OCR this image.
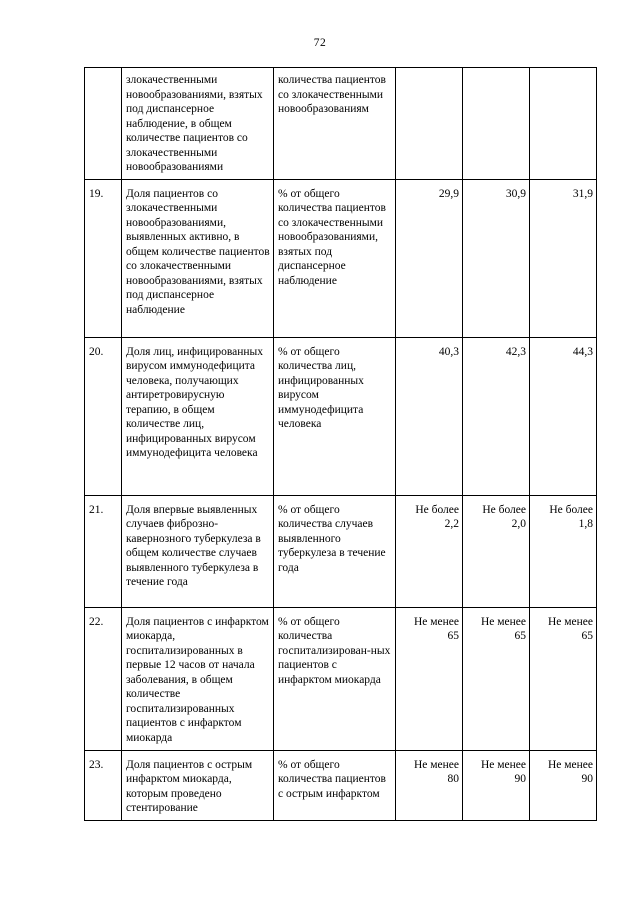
72
	злокачественными новообразованиями, взятых под диспансерное наблюдение, в общем количестве пациентов со злокачественными новообразованиями	количества пациентов со злокачественными новообразованиям			
19.	Доля пациентов со злокачественными новообразованиями, выявленных активно, в общем количестве пациентов со злокачественными новообразованиями, взятых под диспансерное наблюдение	% от общего количества пациентов со злокачественными новообразованиями, взятых под диспансерное наблюдение	29,9	30,9	31,9
20.	Доля лиц, инфицированных вирусом иммунодефицита человека, получающих антиретровирусную терапию, в общем количестве лиц, инфицированных вирусом иммунодефицита человека	% от общего количества лиц, инфицированных вирусом иммунодефицита человека	40,3	42,3	44,3
21.	Доля впервые выявленных случаев фиброзно-кавернозного туберкулеза в общем количестве случаев выявленного туберкулеза в течение года	% от общего количества случаев выявленного туберкулеза в течение года	Не более 2,2	Не более 2,0	Не более 1,8
22.	Доля пациентов с инфарктом миокарда, госпитализированных в первые 12 часов от начала заболевания, в общем количестве госпитализированных пациентов с инфарктом миокарда	% от общего количества госпитализирован-ных пациентов с инфарктом миокарда	Не менее 65	Не менее 65	Не менее 65
23.	Доля пациентов с острым инфарктом миокарда, которым проведено стентирование	% от общего количества пациентов с острым инфарктом	Не менее 80	Не менее 90	Не менее 90
